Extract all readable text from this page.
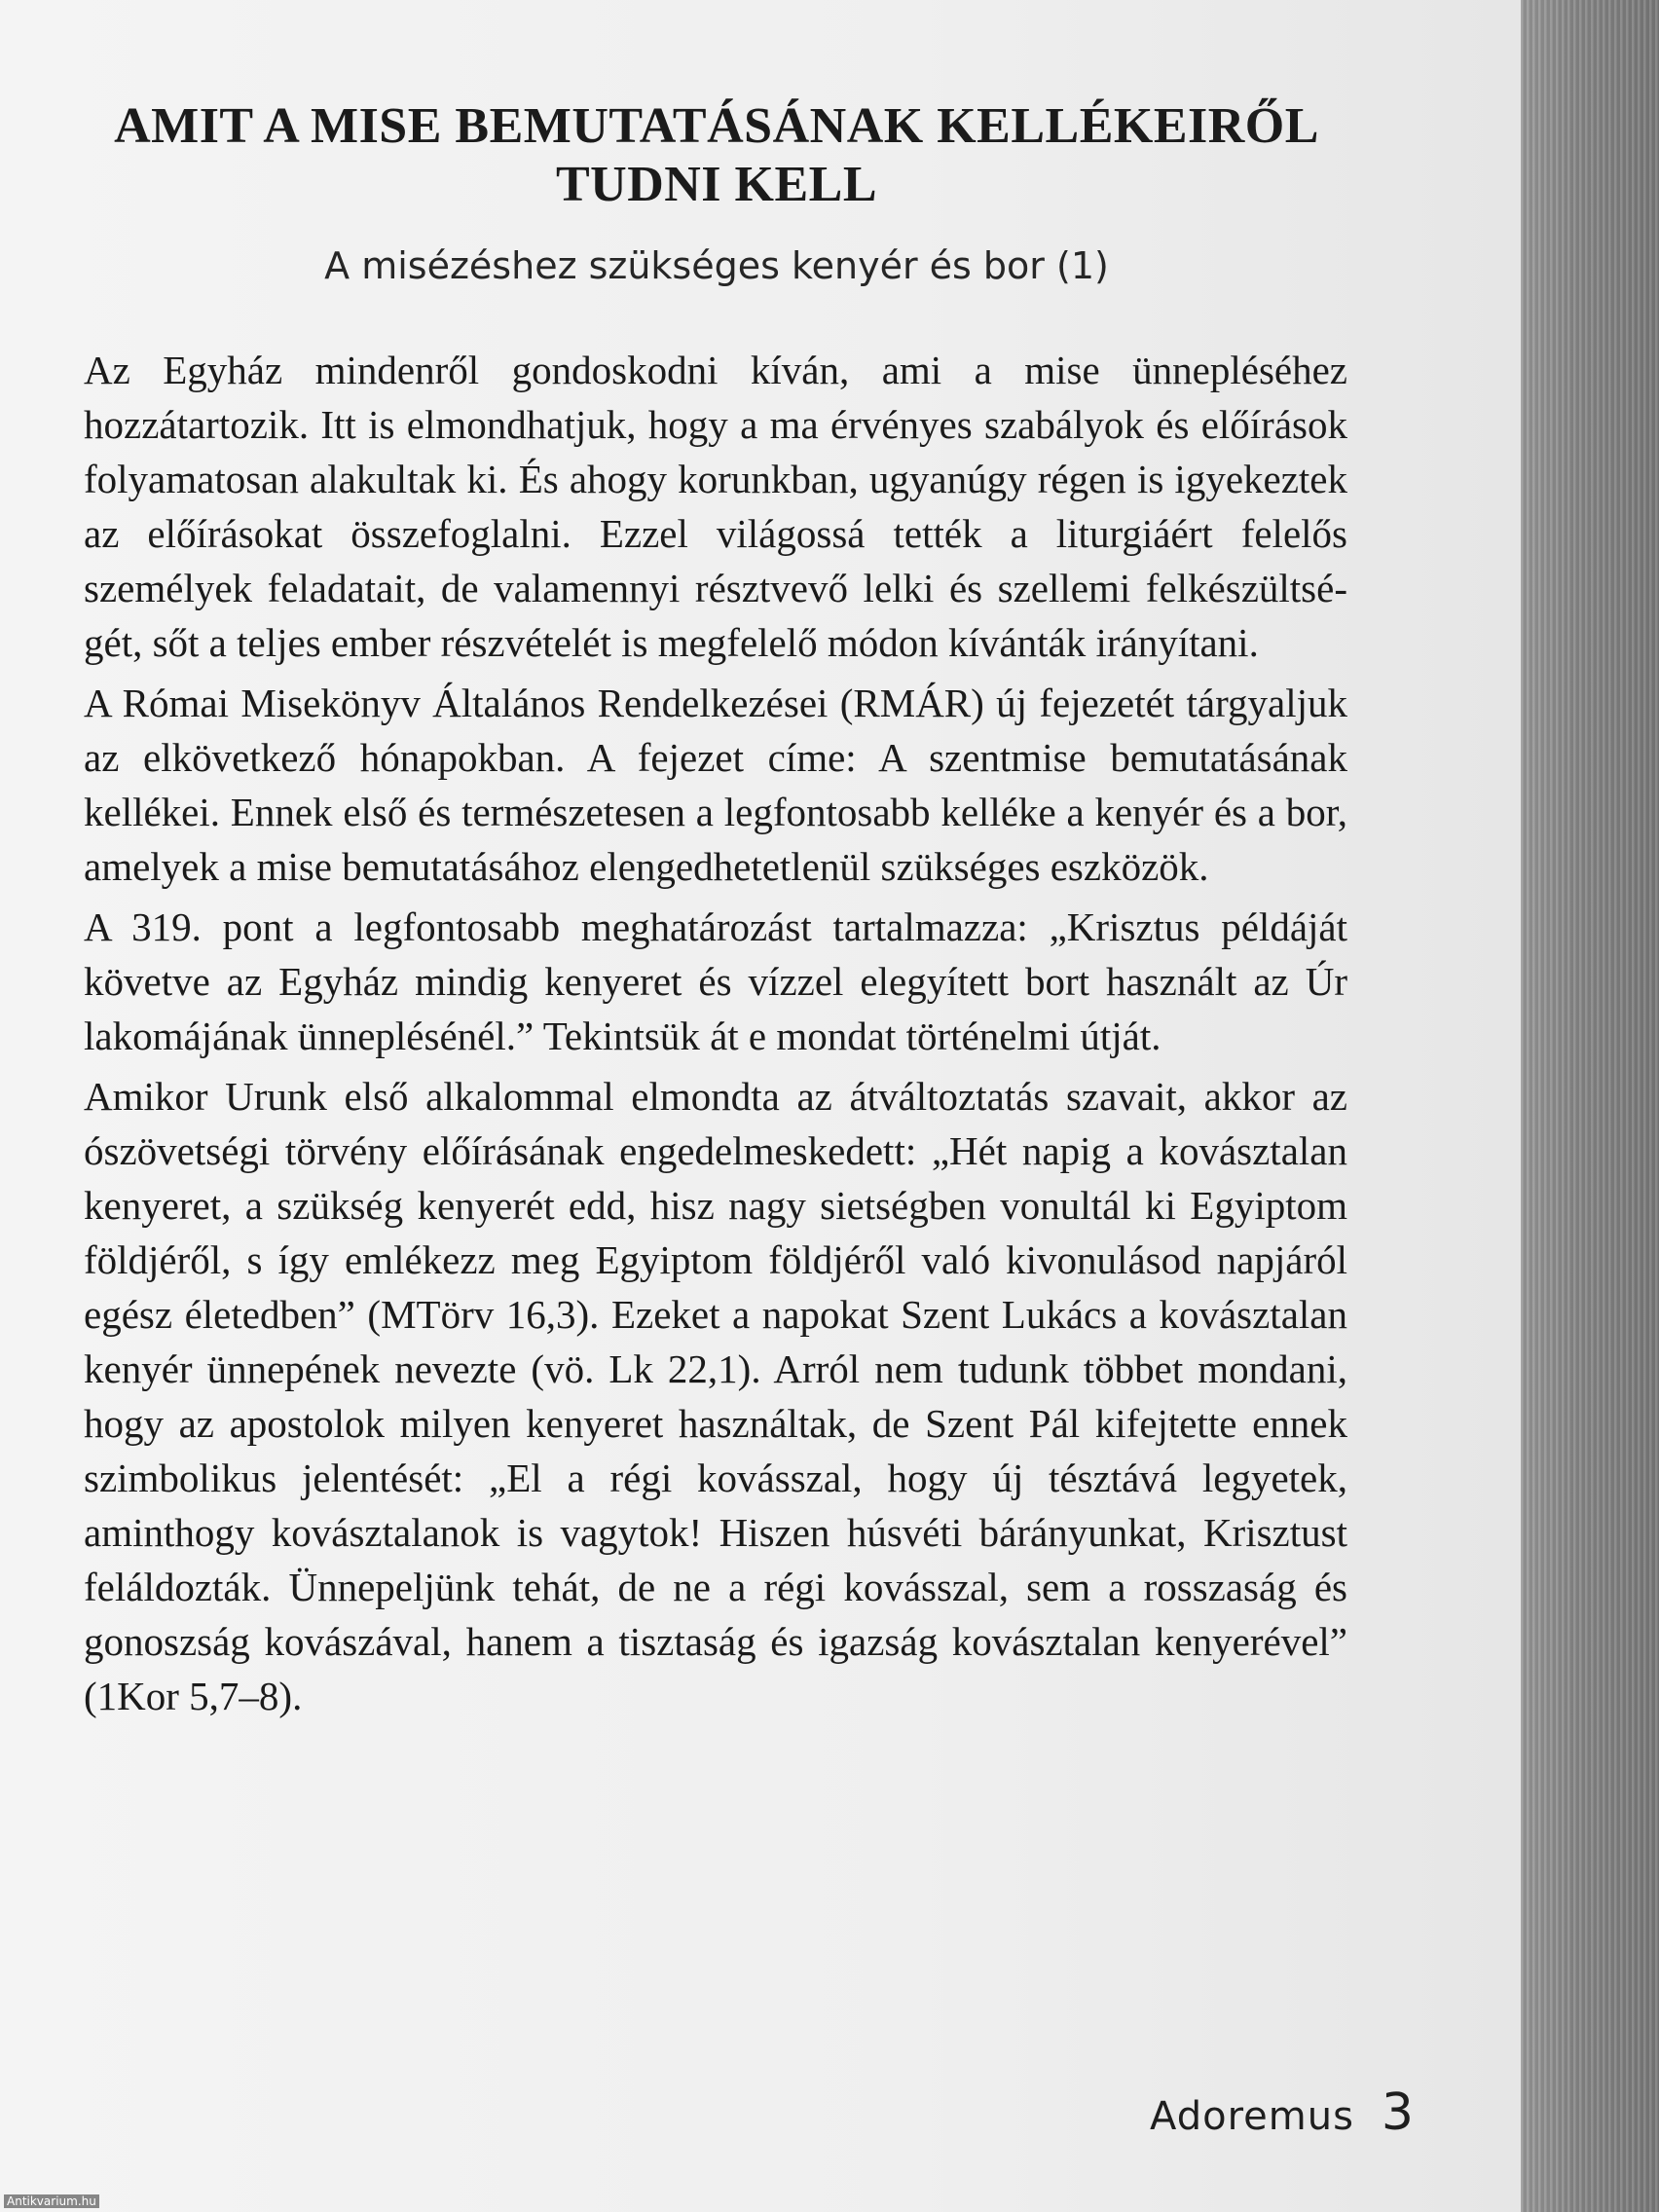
AMIT A MISE BEMUTATÁSÁNAK KELLÉKEIRŐL
TUDNI KELL
A misézéshez szükséges kenyér és bor (1)

Az Egyház mindenről gondoskodni kíván, ami a mise ünnepléséhez hozzátartozik. Itt is elmondhatjuk, hogy a ma érvényes szabályok és előírások folyamatosan alakultak ki. És ahogy korunkban, ugyanúgy régen is igyekeztek az előírásokat összefoglalni. Ezzel világossá tették a liturgiáért felelős személyek feladatait, de valamennyi résztvevő lelki és szellemi felkészültségét, sőt a teljes ember részvételét is megfelelő módon kívánták irányítani.

A Római Misekönyv Általános Rendelkezései (RMÁR) új fejezetét tárgyaljuk az elkövetkező hónapokban. A fejezet címe: A szentmise bemutatásának kellékei. Ennek első és természetesen a legfontosabb kelléke a kenyér és a bor, amelyek a mise bemutatásához elengedhetetlenül szükséges eszközök.

A 319. pont a legfontosabb meghatározást tartalmazza: „Krisztus példáját követve az Egyház mindig kenyeret és vízzel elegyített bort használt az Úr lakomájának ünneplésénél.” Tekintsük át e mondat történelmi útját.

Amikor Urunk első alkalommal elmondta az átváltoztatás szavait, akkor az ószövetségi törvény előírásának engedelmeskedett: „Hét napig a kovásztalan kenyeret, a szükség kenyerét edd, hisz nagy sietségben vonultál ki Egyiptom földjéről, s így emlékezz meg Egyiptom földjéről való kivonulásod napjáról egész életedben” (MTörv 16,3). Ezeket a napokat Szent Lukács a kovásztalan kenyér ünnepének nevezte (vö. Lk 22,1). Arról nem tudunk többet mondani, hogy az apostolok milyen kenyeret használtak, de Szent Pál kifejtette ennek szimbolikus jelentését: „El a régi kovásszal, hogy új tésztává legyetek, aminthogy kovásztalanok is vagytok! Hiszen húsvéti bárányunkat, Krisztust feláldozták. Ünnepeljünk tehát, de ne a régi kovásszal, sem a rosszaság és gonoszság kovászával, hanem a tisztaság és igazság kovásztalan kenyerével” (1Kor 5,7–8).

Adoremus 3
Antikvarium.hu
